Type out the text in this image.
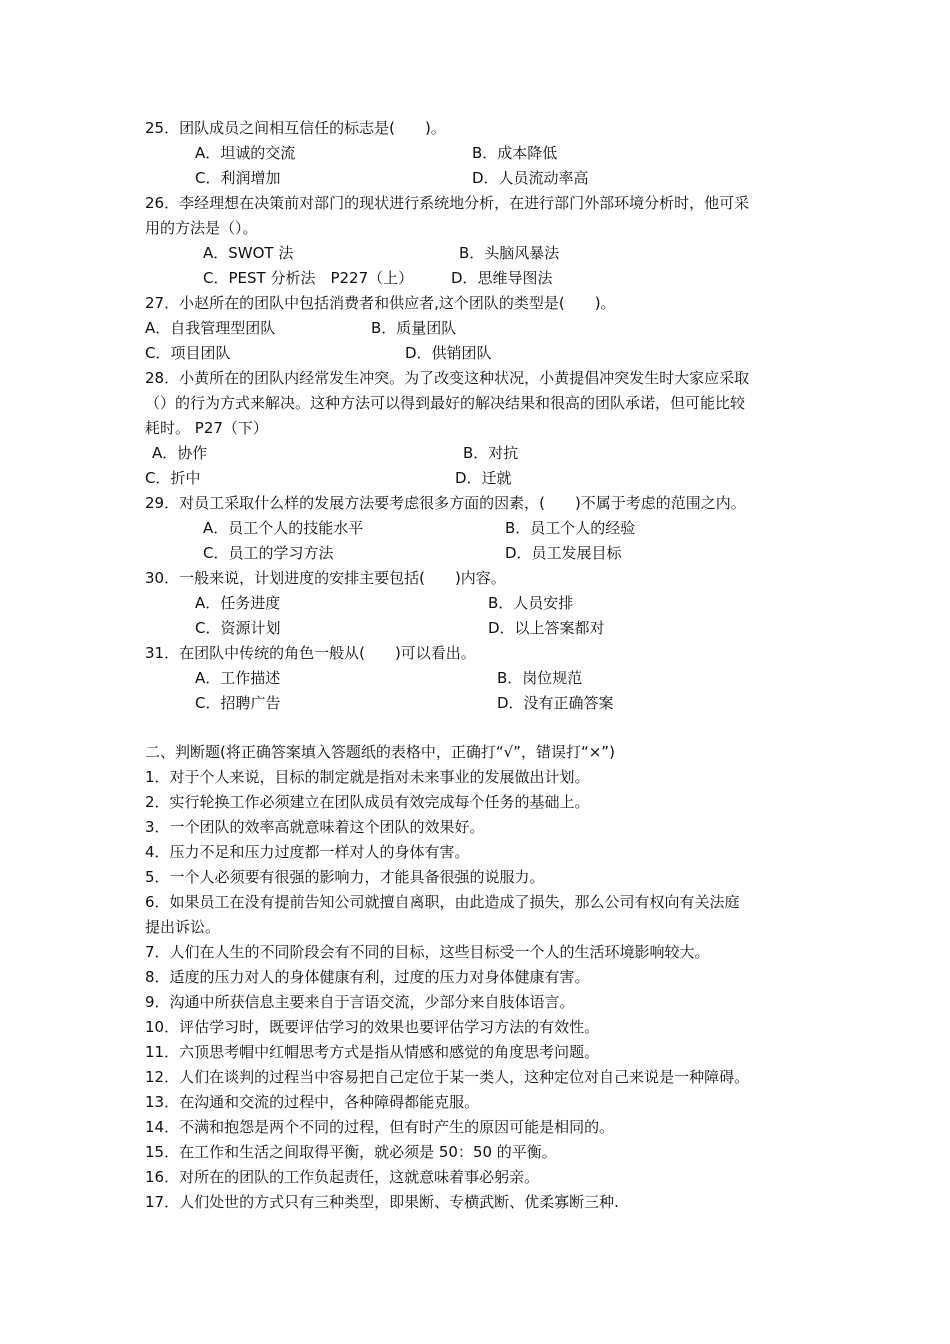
25．团队成员之间相互信任的标志是(　　)。
A．坦诚的交流	B．成本降低
C．利润增加	D．人员流动率高
26．李经理想在决策前对部门的现状进行系统地分析，在进行部门外部环境分析时，他可采
用的方法是（）。
A．SWOT 法	B．头脑风暴法
C．PEST 分析法　P227（上）	D．思维导图法
27．小赵所在的团队中包括消费者和供应者,这个团队的类型是(　　)。
A．自我管理型团队	B．质量团队
C．项目团队	D．供销团队
28．小黄所在的团队内经常发生冲突。为了改变这种状况，小黄提倡冲突发生时大家应采取
（）的行为方式来解决。这种方法可以得到最好的解决结果和很高的团队承诺，但可能比较
耗时。 P27（下）
A．协作	B．对抗
C．折中	D．迁就
29．对员工采取什么样的发展方法要考虑很多方面的因素，(　　)不属于考虑的范围之内。
A．员工个人的技能水平	B．员工个人的经验
C．员工的学习方法	D．员工发展目标
30．一般来说，计划进度的安排主要包括(　　)内容。
A．任务进度	B．人员安排
C．资源计划	D．以上答案都对
31．在团队中传统的角色一般从(　　)可以看出。
A．工作描述	B．岗位规范
C．招聘广告	D．没有正确答案
二、判断题(将正确答案填入答题纸的表格中，正确打“√”，错误打“×”)
1．对于个人来说，目标的制定就是指对未来事业的发展做出计划。
2．实行轮换工作必须建立在团队成员有效完成每个任务的基础上。
3．一个团队的效率高就意味着这个团队的效果好。
4．压力不足和压力过度都一样对人的身体有害。
5．一个人必须要有很强的影响力，才能具备很强的说服力。
6．如果员工在没有提前告知公司就擅自离职，由此造成了损失，那么公司有权向有关法庭
提出诉讼。
7．人们在人生的不同阶段会有不同的目标，这些目标受一个人的生活环境影响较大。
8．适度的压力对人的身体健康有利，过度的压力对身体健康有害。
9．沟通中所获信息主要来自于言语交流，少部分来自肢体语言。
10．评估学习时，既要评估学习的效果也要评估学习方法的有效性。
11．六顶思考帽中红帽思考方式是指从情感和感觉的角度思考问题。
12．人们在谈判的过程当中容易把自己定位于某一类人，这种定位对自己来说是一种障碍。
13．在沟通和交流的过程中，各种障碍都能克服。
14．不满和抱怨是两个不同的过程，但有时产生的原因可能是相同的。
15．在工作和生活之间取得平衡，就必须是 50：50 的平衡。
16．对所在的团队的工作负起责任，这就意味着事必躬亲。
17．人们处世的方式只有三种类型，即果断、专横武断、优柔寡断三种.
